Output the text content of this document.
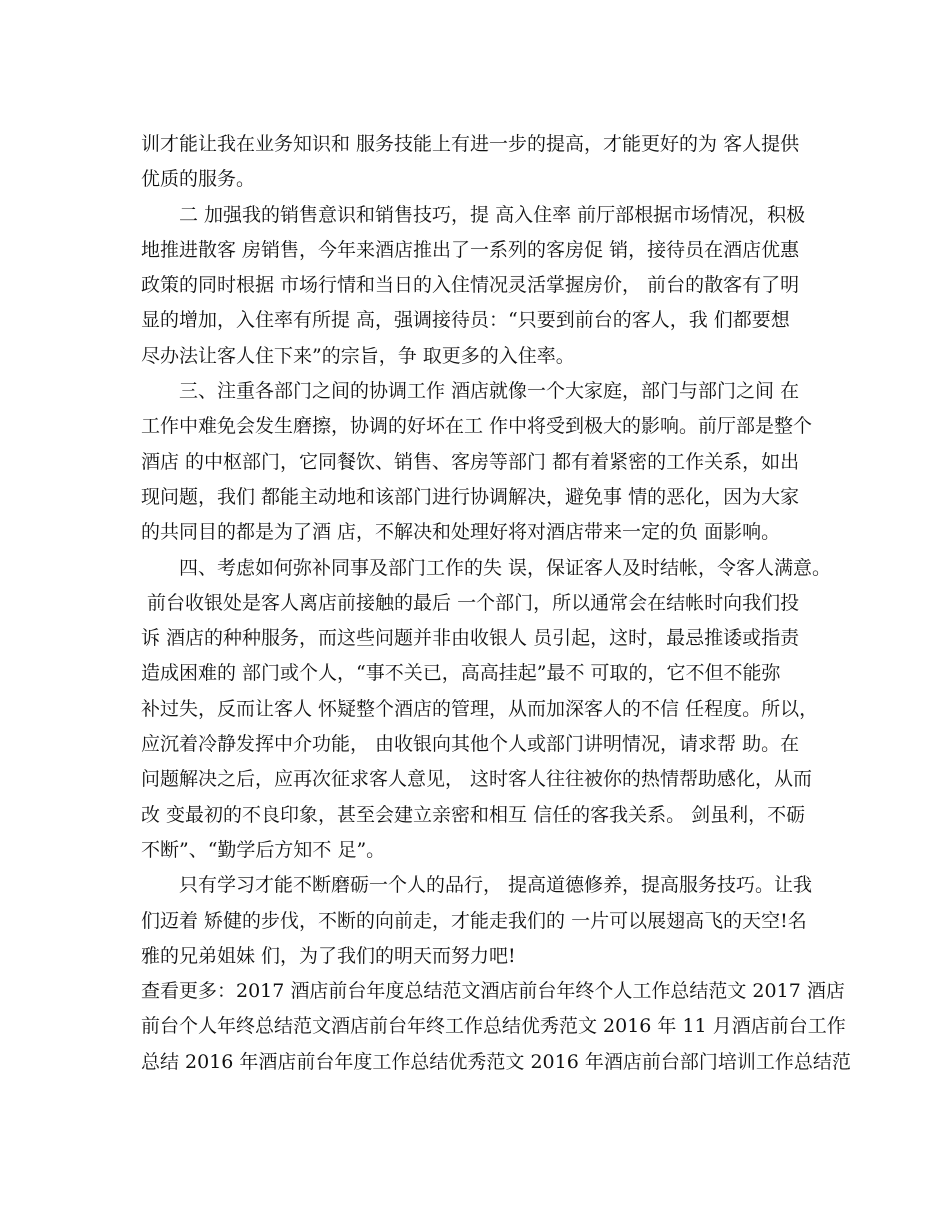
训才能让我在业务知识和 服务技能上有进一步的提高，才能更好的为 客人提供
优质的服务。
二 加强我的销售意识和销售技巧，提 高入住率 前厅部根据市场情况，积极
地推进散客 房销售，今年来酒店推出了一系列的客房促 销，接待员在酒店优惠
政策的同时根据 市场行情和当日的入住情况灵活掌握房价， 前台的散客有了明
显的增加，入住率有所提 高，强调接待员：“只要到前台的客人，我 们都要想
尽办法让客人住下来”的宗旨，争 取更多的入住率。
三、注重各部门之间的协调工作 酒店就像一个大家庭，部门与部门之间 在
工作中难免会发生磨擦，协调的好坏在工 作中将受到极大的影响。前厅部是整个
酒店 的中枢部门，它同餐饮、销售、客房等部门 都有着紧密的工作关系，如出
现问题，我们 都能主动地和该部门进行协调解决，避免事 情的恶化，因为大家
的共同目的都是为了酒 店，不解决和处理好将对酒店带来一定的负 面影响。
四、考虑如何弥补同事及部门工作的失 误，保证客人及时结帐，令客人满意。
前台收银处是客人离店前接触的最后 一个部门，所以通常会在结帐时向我们投
诉 酒店的种种服务，而这些问题并非由收银人 员引起，这时，最忌推诿或指责
造成困难的 部门或个人，“事不关已，高高挂起”最不 可取的，它不但不能弥
补过失，反而让客人 怀疑整个酒店的管理，从而加深客人的不信 任程度。所以，
应沉着冷静发挥中介功能， 由收银向其他个人或部门讲明情况，请求帮 助。在
问题解决之后，应再次征求客人意见， 这时客人往往被你的热情帮助感化，从而
改 变最初的不良印象，甚至会建立亲密和相互 信任的客我关系。 剑虽利，不砺
不断”、“勤学后方知不 足”。
只有学习才能不断磨砺一个人的品行， 提高道德修养，提高服务技巧。让我
们迈着 矫健的步伐，不断的向前走，才能走我们的 一片可以展翅高飞的天空!名
雅的兄弟姐妹 们，为了我们的明天而努力吧!
查看更多：2017 酒店前台年度总结范文酒店前台年终个人工作总结范文 2017 酒店
前台个人年终总结范文酒店前台年终工作总结优秀范文 2016 年 11 月酒店前台工作
总结 2016 年酒店前台年度工作总结优秀范文 2016 年酒店前台部门培训工作总结范
